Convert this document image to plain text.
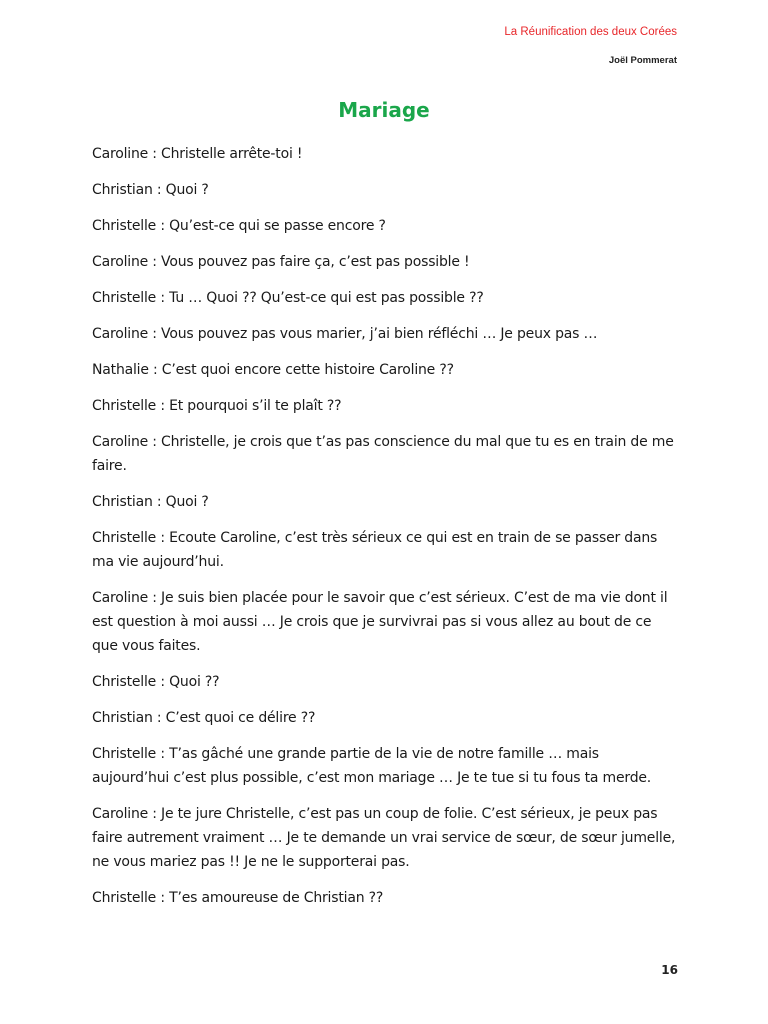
La Réunification des deux Corées
Joël Pommerat
Mariage
Caroline : Christelle arrête-toi !
Christian : Quoi ?
Christelle : Qu’est-ce qui se passe encore ?
Caroline : Vous pouvez pas faire ça, c’est pas possible !
Christelle : Tu … Quoi ?? Qu’est-ce qui est pas possible ??
Caroline : Vous pouvez pas vous marier, j’ai bien réfléchi … Je peux pas …
Nathalie : C’est quoi encore cette histoire Caroline ??
Christelle : Et pourquoi s’il te plaît ??
Caroline : Christelle, je crois que t’as pas conscience du mal que tu es en train de me faire.
Christian : Quoi ?
Christelle : Ecoute Caroline, c’est très sérieux ce qui est en train de se passer dans ma vie aujourd’hui.
Caroline : Je suis bien placée pour le savoir que c’est sérieux. C’est de ma vie dont il est question à moi aussi … Je crois que je survivrai pas si vous allez au bout de ce que vous faites.
Christelle : Quoi ??
Christian : C’est quoi ce délire ??
Christelle : T’as gâché une grande partie de la vie de notre famille … mais aujourd’hui c’est plus possible, c’est mon mariage … Je te tue si tu fous ta merde.
Caroline : Je te jure Christelle, c’est pas un coup de folie. C’est sérieux, je peux pas faire autrement vraiment … Je te demande un vrai service de sœur, de sœur jumelle, ne vous mariez pas !! Je ne le supporterai pas.
Christelle : T’es amoureuse de Christian ??
16
